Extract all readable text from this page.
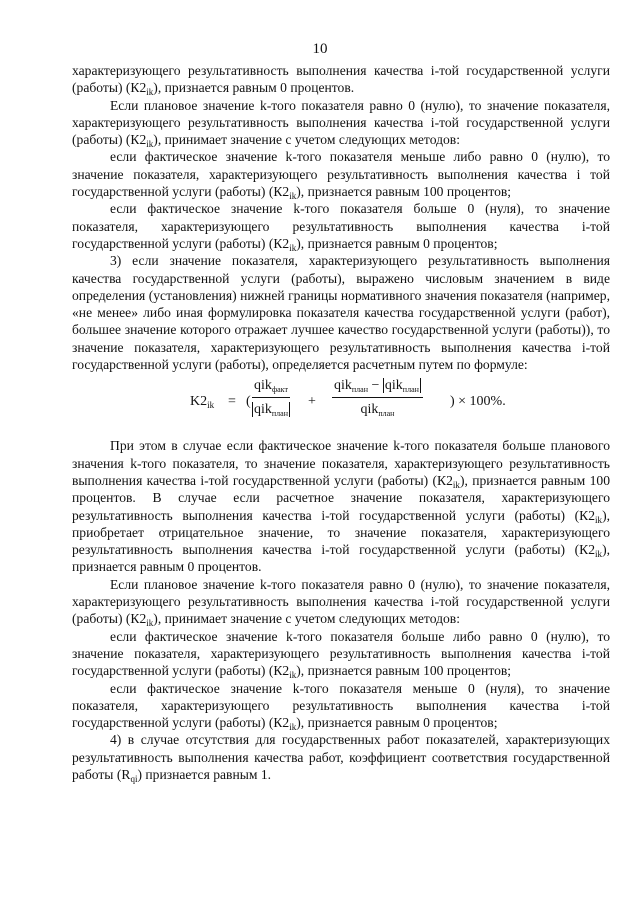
10

характеризующего результативность выполнения качества i-той государственной услуги (работы) $(К2_{ik})$, признается равным 0 процентов.

Если плановое значение k-того показателя равно 0 (нулю), то значение показателя, характеризующего результативность выполнения качества i-той государственной услуги (работы) $(К2_{ik})$, принимает значение с учетом следующих методов:

если фактическое значение k-того показателя меньше либо равно 0 (нулю), то значение показателя, характеризующего результативность выполнения качества i той государственной услуги (работы) $(К2_{ik})$, признается равным 100 процентов;

если фактическое значение k-того показателя больше 0 (нуля), то значение показателя, характеризующего результативность выполнения качества i-той государственной услуги (работы) $(К2_{ik})$, признается равным 0 процентов;

3) если значение показателя, характеризующего результативность выполнения качества государственной услуги (работы), выражено числовым значением в виде определения (установления) нижней границы нормативного значения показателя (например, «не менее» либо иная формулировка показателя качества государственной услуги (работ), большее значение которого отражает лучшее качество государственной услуги (работы)), то значение показателя, характеризующего результативность выполнения качества i-той государственной услуги (работы), определяется расчетным путем по формуле:

$K2_{ik}$ = (
qik$_{факт}$
qik$_{план}$
+
qik$_{план}$ − qik$_{план}$
qik$_{план}$
) × 100%.

При этом в случае если фактическое значение k-того показателя больше планового значения k-того показателя, то значение показателя, характеризующего результативность выполнения качества i-той государственной услуги (работы) $(К2_{ik})$, признается равным 100 процентов. В случае если расчетное значение показателя, характеризующего результативность выполнения качества i-той государственной услуги (работы) $(К2_{ik})$, приобретает отрицательное значение, то значение показателя, характеризующего результативность выполнения качества i-той государственной услуги (работы) $(К2_{ik})$, признается равным 0 процентов.

Если плановое значение k-того показателя равно 0 (нулю), то значение показателя, характеризующего результативность выполнения качества i-той государственной услуги (работы) $(К2_{ik})$, принимает значение с учетом следующих методов:

если фактическое значение k-того показателя больше либо равно 0 (нулю), то значение показателя, характеризующего результативность выполнения качества i-той государственной услуги (работы) $(К2_{ik})$, признается равным 100 процентов;

если фактическое значение k-того показателя меньше 0 (нуля), то значение показателя, характеризующего результативность выполнения качества i-той государственной услуги (работы) $(К2_{ik})$, признается равным 0 процентов;

4) в случае отсутствия для государственных работ показателей, характеризующих результативность выполнения качества работ, коэффициент соответствия государственной работы $(R_{qi})$ признается равным 1.
